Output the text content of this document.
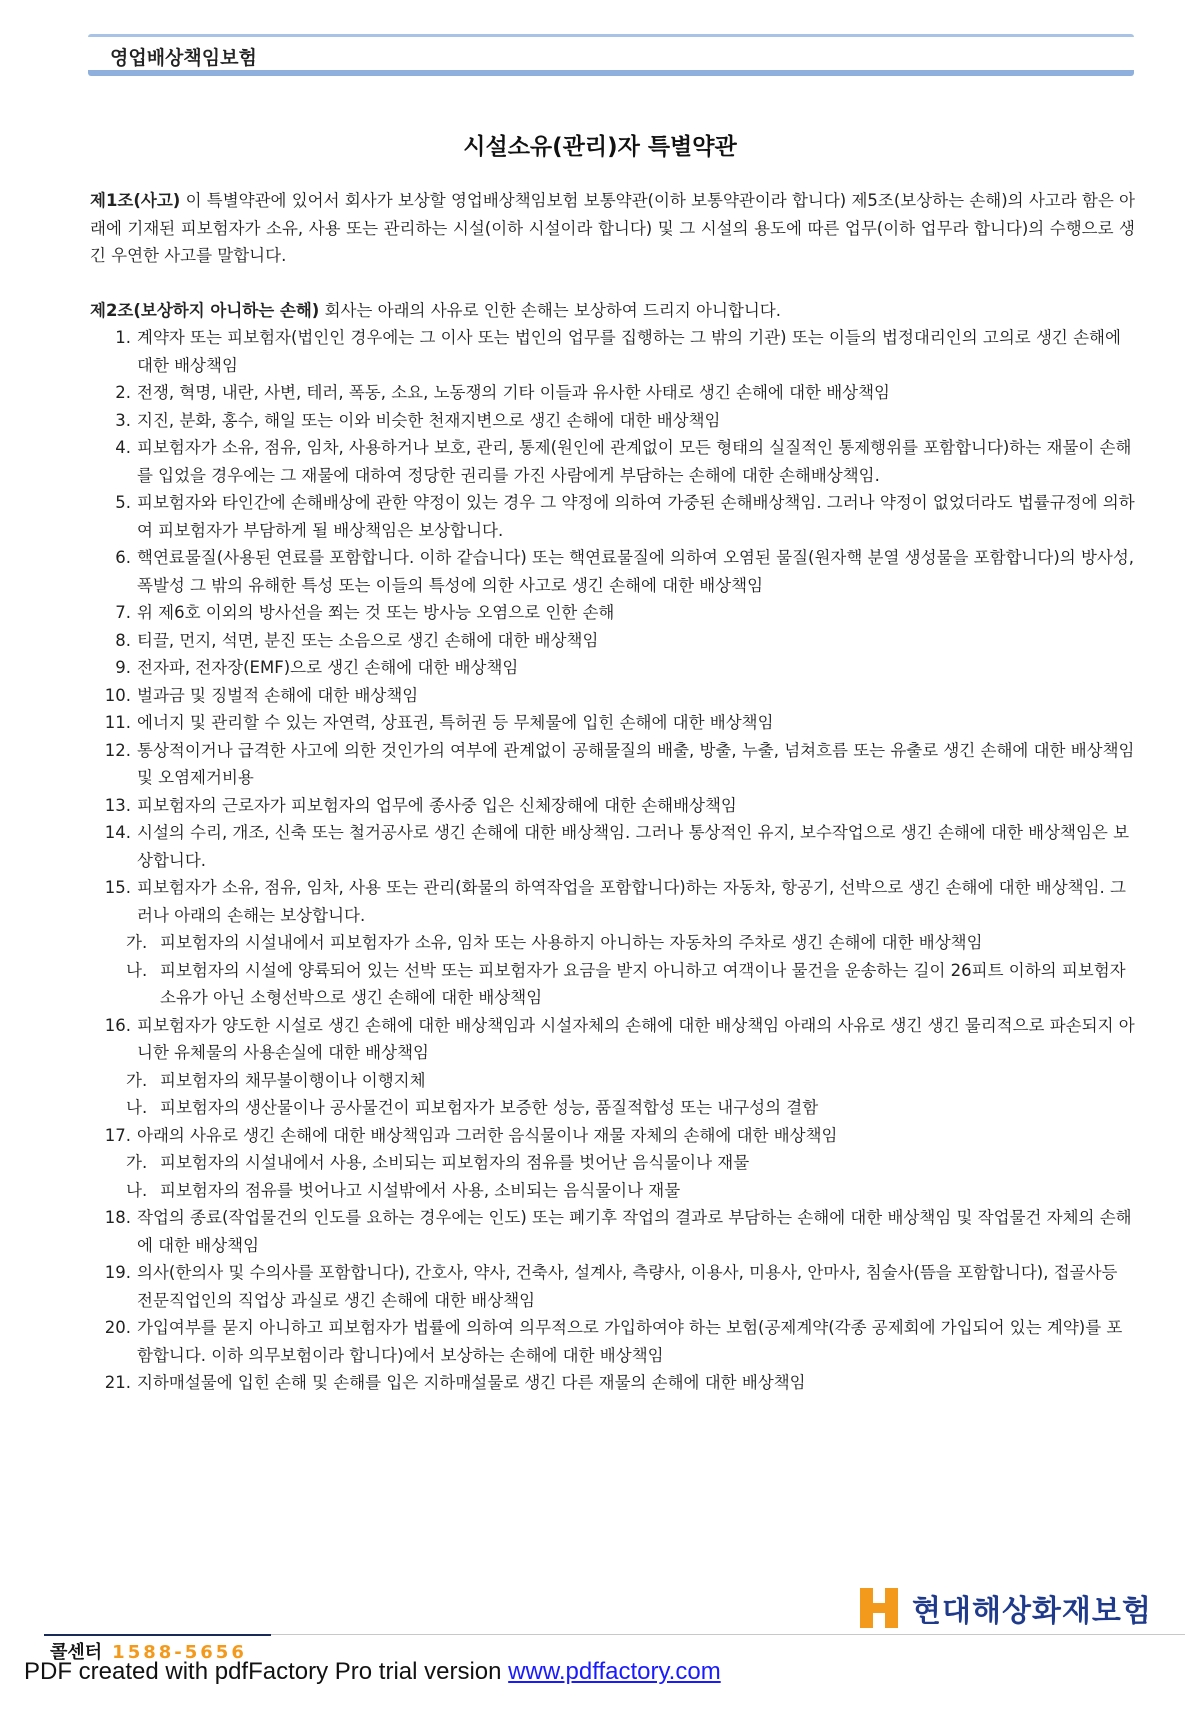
영업배상책임보험
시설소유(관리)자 특별약관

제1조(사고) 이 특별약관에 있어서 회사가 보상할 영업배상책임보험 보통약관(이하 보통약관이라 합니다) 제5조(보상하는 손해)의 사고라 함은 아래에 기재된 피보험자가 소유, 사용 또는 관리하는 시설(이하 시설이라 합니다) 및 그 시설의 용도에 따른 업무(이하 업무라 합니다)의 수행으로 생긴 우연한 사고를 말합니다.

제2조(보상하지 아니하는 손해) 회사는 아래의 사유로 인한 손해는 보상하여 드리지 아니합니다.

1. 계약자 또는 피보험자(법인인 경우에는 그 이사 또는 법인의 업무를 집행하는 그 밖의 기관) 또는 이들의 법정대리인의 고의로 생긴 손해에 대한 배상책임

2. 전쟁, 혁명, 내란, 사변, 테러, 폭동, 소요, 노동쟁의 기타 이들과 유사한 사태로 생긴 손해에 대한 배상책임

3. 지진, 분화, 홍수, 해일 또는 이와 비슷한 천재지변으로 생긴 손해에 대한 배상책임

4. 피보험자가 소유, 점유, 임차, 사용하거나 보호, 관리, 통제(원인에 관계없이 모든 형태의 실질적인 통제행위를 포함합니다)하는 재물이 손해를 입었을 경우에는 그 재물에 대하여 정당한 권리를 가진 사람에게 부담하는 손해에 대한 손해배상책임.

5. 피보험자와 타인간에 손해배상에 관한 약정이 있는 경우 그 약정에 의하여 가중된 손해배상책임. 그러나 약정이 없었더라도 법률규정에 의하여 피보험자가 부담하게 될 배상책임은 보상합니다.

6. 핵연료물질(사용된 연료를 포함합니다. 이하 같습니다) 또는 핵연료물질에 의하여 오염된 물질(원자핵 분열 생성물을 포함합니다)의 방사성, 폭발성 그 밖의 유해한 특성 또는 이들의 특성에 의한 사고로 생긴 손해에 대한 배상책임

7. 위 제6호 이외의 방사선을 쬐는 것 또는 방사능 오염으로 인한 손해

8. 티끌, 먼지, 석면, 분진 또는 소음으로 생긴 손해에 대한 배상책임

9. 전자파, 전자장(EMF)으로 생긴 손해에 대한 배상책임

10. 벌과금 및 징벌적 손해에 대한 배상책임

11. 에너지 및 관리할 수 있는 자연력, 상표권, 특허권 등 무체물에 입힌 손해에 대한 배상책임

12. 통상적이거나 급격한 사고에 의한 것인가의 여부에 관계없이 공해물질의 배출, 방출, 누출, 넘쳐흐름 또는 유출로 생긴 손해에 대한 배상책임 및 오염제거비용

13. 피보험자의 근로자가 피보험자의 업무에 종사중 입은 신체장해에 대한 손해배상책임

14. 시설의 수리, 개조, 신축 또는 철거공사로 생긴 손해에 대한 배상책임. 그러나 통상적인 유지, 보수작업으로 생긴 손해에 대한 배상책임은 보상합니다.

15. 피보험자가 소유, 점유, 임차, 사용 또는 관리(화물의 하역작업을 포함합니다)하는 자동차, 항공기, 선박으로 생긴 손해에 대한 배상책임. 그러나 아래의 손해는 보상합니다.

가. 피보험자의 시설내에서 피보험자가 소유, 임차 또는 사용하지 아니하는 자동차의 주차로 생긴 손해에 대한 배상책임

나. 피보험자의 시설에 양륙되어 있는 선박 또는 피보험자가 요금을 받지 아니하고 여객이나 물건을 운송하는 길이 26피트 이하의 피보험자소유가 아닌 소형선박으로 생긴 손해에 대한 배상책임

16. 피보험자가 양도한 시설로 생긴 손해에 대한 배상책임과 시설자체의 손해에 대한 배상책임 아래의 사유로 생긴 생긴 물리적으로 파손되지 아니한 유체물의 사용손실에 대한 배상책임

가. 피보험자의 채무불이행이나 이행지체

나. 피보험자의 생산물이나 공사물건이 피보험자가 보증한 성능, 품질적합성 또는 내구성의 결함

17. 아래의 사유로 생긴 손해에 대한 배상책임과 그러한 음식물이나 재물 자체의 손해에 대한 배상책임

가. 피보험자의 시설내에서 사용, 소비되는 피보험자의 점유를 벗어난 음식물이나 재물

나. 피보험자의 점유를 벗어나고 시설밖에서 사용, 소비되는 음식물이나 재물

18. 작업의 종료(작업물건의 인도를 요하는 경우에는 인도) 또는 폐기후 작업의 결과로 부담하는 손해에 대한 배상책임 및 작업물건 자체의 손해에 대한 배상책임

19. 의사(한의사 및 수의사를 포함합니다), 간호사, 약사, 건축사, 설계사, 측량사, 이용사, 미용사, 안마사, 침술사(뜸을 포함합니다), 접골사등 전문직업인의 직업상 과실로 생긴 손해에 대한 배상책임

20. 가입여부를 묻지 아니하고 피보험자가 법률에 의하여 의무적으로 가입하여야 하는 보험(공제계약(각종 공제회에 가입되어 있는 계약)를 포함합니다. 이하 의무보험이라 합니다)에서 보상하는 손해에 대한 배상책임

21. 지하매설물에 입힌 손해 및 손해를 입은 지하매설물로 생긴 다른 재물의 손해에 대한 배상책임

현대해상화재보험
콜센터 1588-5656
PDF created with pdfFactory Pro trial version www.pdffactory.com
